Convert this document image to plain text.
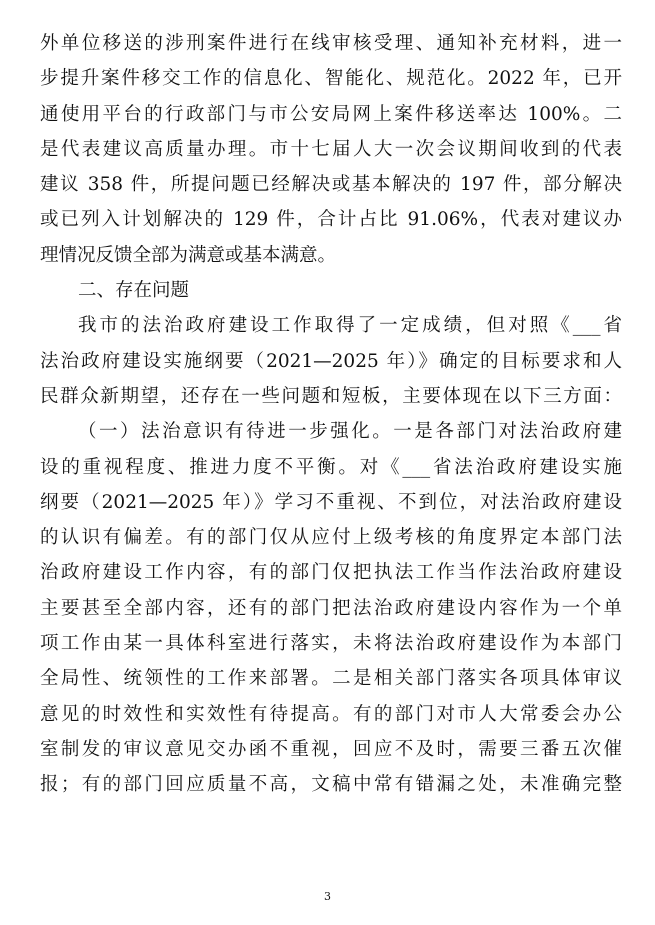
外单位移送的涉刑案件进行在线审核受理、通知补充材料，进一
步提升案件移交工作的信息化、智能化、规范化。2022 年，已开
通使用平台的行政部门与市公安局网上案件移送率达 100%。二
是代表建议高质量办理。市十七届人大一次会议期间收到的代表
建议 358 件，所提问题已经解决或基本解决的 197 件，部分解决
或已列入计划解决的 129 件，合计占比 91.06%，代表对建议办
理情况反馈全部为满意或基本满意。
二、存在问题
我市的法治政府建设工作取得了一定成绩，但对照《___省
法治政府建设实施纲要（2021—2025 年）》确定的目标要求和人
民群众新期望，还存在一些问题和短板，主要体现在以下三方面：
（一）法治意识有待进一步强化。一是各部门对法治政府建
设的重视程度、推进力度不平衡。对《___省法治政府建设实施
纲要（2021—2025 年）》学习不重视、不到位，对法治政府建设
的认识有偏差。有的部门仅从应付上级考核的角度界定本部门法
治政府建设工作内容，有的部门仅把执法工作当作法治政府建设
主要甚至全部内容，还有的部门把法治政府建设内容作为一个单
项工作由某一具体科室进行落实，未将法治政府建设作为本部门
全局性、统领性的工作来部署。二是相关部门落实各项具体审议
意见的时效性和实效性有待提高。有的部门对市人大常委会办公
室制发的审议意见交办函不重视，回应不及时，需要三番五次催
报；有的部门回应质量不高，文稿中常有错漏之处，未准确完整
3
